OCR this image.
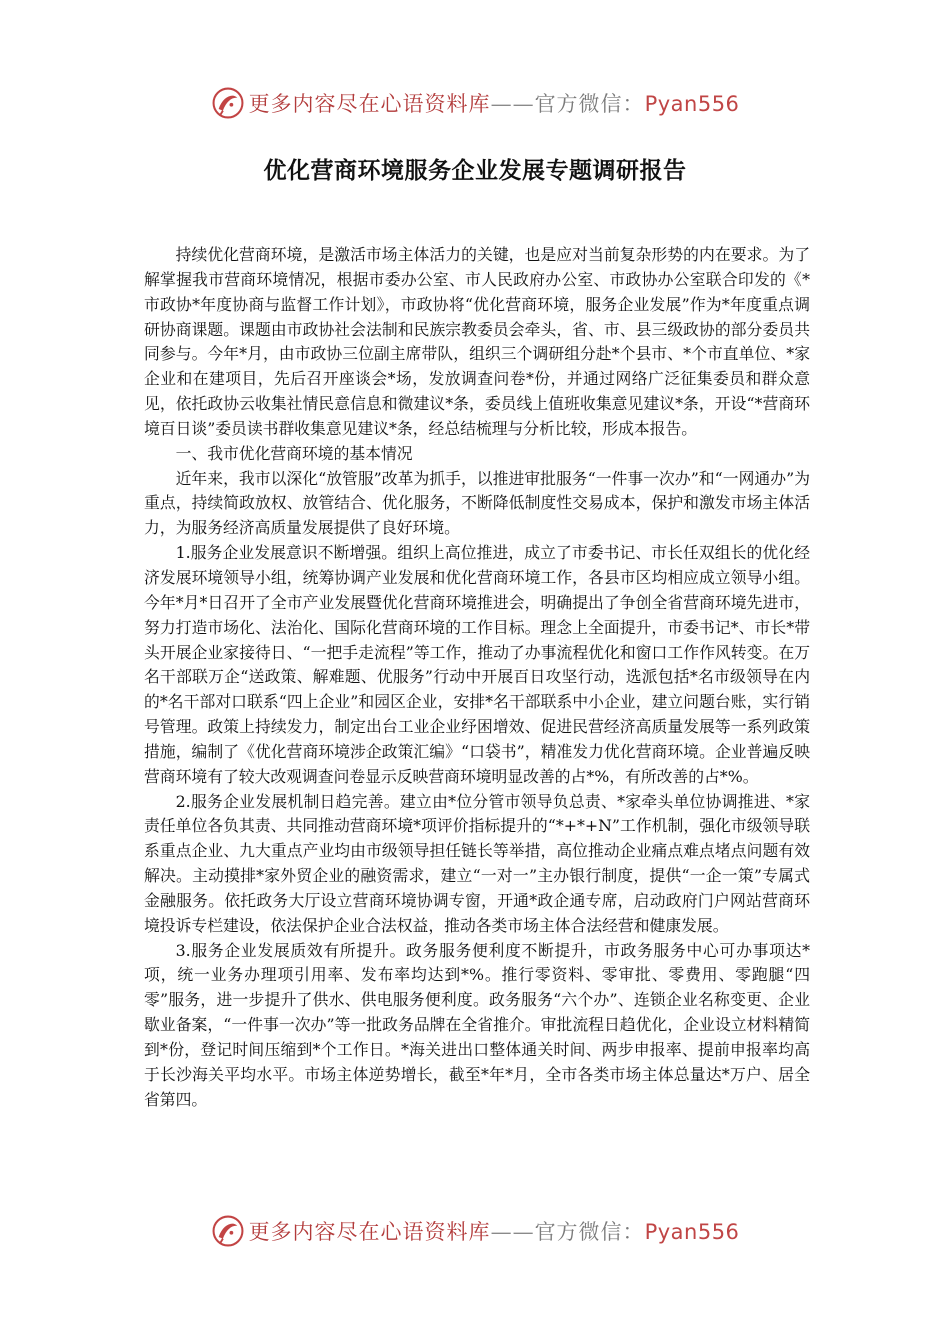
更多内容尽在心语资料库——官方微信：Pyan556
优化营商环境服务企业发展专题调研报告

持续优化营商环境，是激活市场主体活力的关键，也是应对当前复杂形势的内在要求。为了解掌握我市营商环境情况，根据市委办公室、市人民政府办公室、市政协办公室联合印发的《*市政协*年度协商与监督工作计划》，市政协将“优化营商环境，服务企业发展”作为*年度重点调研协商课题。课题由市政协社会法制和民族宗教委员会牵头，省、市、县三级政协的部分委员共同参与。今年*月，由市政协三位副主席带队，组织三个调研组分赴*个县市、*个市直单位、*家企业和在建项目，先后召开座谈会*场，发放调查问卷*份，并通过网络广泛征集委员和群众意见，依托政协云收集社情民意信息和微建议*条，委员线上值班收集意见建议*条，开设“*营商环境百日谈”委员读书群收集意见建议*条，经总结梳理与分析比较，形成本报告。

一、我市优化营商环境的基本情况

近年来，我市以深化“放管服”改革为抓手，以推进审批服务“一件事一次办”和“一网通办”为重点，持续简政放权、放管结合、优化服务，不断降低制度性交易成本，保护和激发市场主体活力，为服务经济高质量发展提供了良好环境。

1.服务企业发展意识不断增强。组织上高位推进，成立了市委书记、市长任双组长的优化经济发展环境领导小组，统筹协调产业发展和优化营商环境工作，各县市区均相应成立领导小组。今年*月*日召开了全市产业发展暨优化营商环境推进会，明确提出了争创全省营商环境先进市，努力打造市场化、法治化、国际化营商环境的工作目标。理念上全面提升，市委书记*、市长*带头开展企业家接待日、“一把手走流程”等工作，推动了办事流程优化和窗口工作作风转变。在万名干部联万企“送政策、解难题、优服务”行动中开展百日攻坚行动，选派包括*名市级领导在内的*名干部对口联系“四上企业”和园区企业，安排*名干部联系中小企业，建立问题台账，实行销号管理。政策上持续发力，制定出台工业企业纾困增效、促进民营经济高质量发展等一系列政策措施，编制了《优化营商环境涉企政策汇编》“口袋书”，精准发力优化营商环境。企业普遍反映营商环境有了较大改观调查问卷显示反映营商环境明显改善的占*%，有所改善的占*%。

2.服务企业发展机制日趋完善。建立由*位分管市领导负总责、*家牵头单位协调推进、*家责任单位各负其责、共同推动营商环境*项评价指标提升的“*+*+N”工作机制，强化市级领导联系重点企业、九大重点产业均由市级领导担任链长等举措，高位推动企业痛点难点堵点问题有效解决。主动摸排*家外贸企业的融资需求，建立“一对一”主办银行制度，提供“一企一策”专属式金融服务。依托政务大厅设立营商环境协调专窗，开通*政企通专席，启动政府门户网站营商环境投诉专栏建设，依法保护企业合法权益，推动各类市场主体合法经营和健康发展。

3.服务企业发展质效有所提升。政务服务便利度不断提升，市政务服务中心可办事项达*项，统一业务办理项引用率、发布率均达到*%。推行零资料、零审批、零费用、零跑腿“四零”服务，进一步提升了供水、供电服务便利度。政务服务“六个办”、连锁企业名称变更、企业歇业备案，“一件事一次办”等一批政务品牌在全省推介。审批流程日趋优化，企业设立材料精简到*份，登记时间压缩到*个工作日。*海关进出口整体通关时间、两步申报率、提前申报率均高于长沙海关平均水平。市场主体逆势增长，截至*年*月，全市各类市场主体总量达*万户、居全省第四。

更多内容尽在心语资料库——官方微信：Pyan556
